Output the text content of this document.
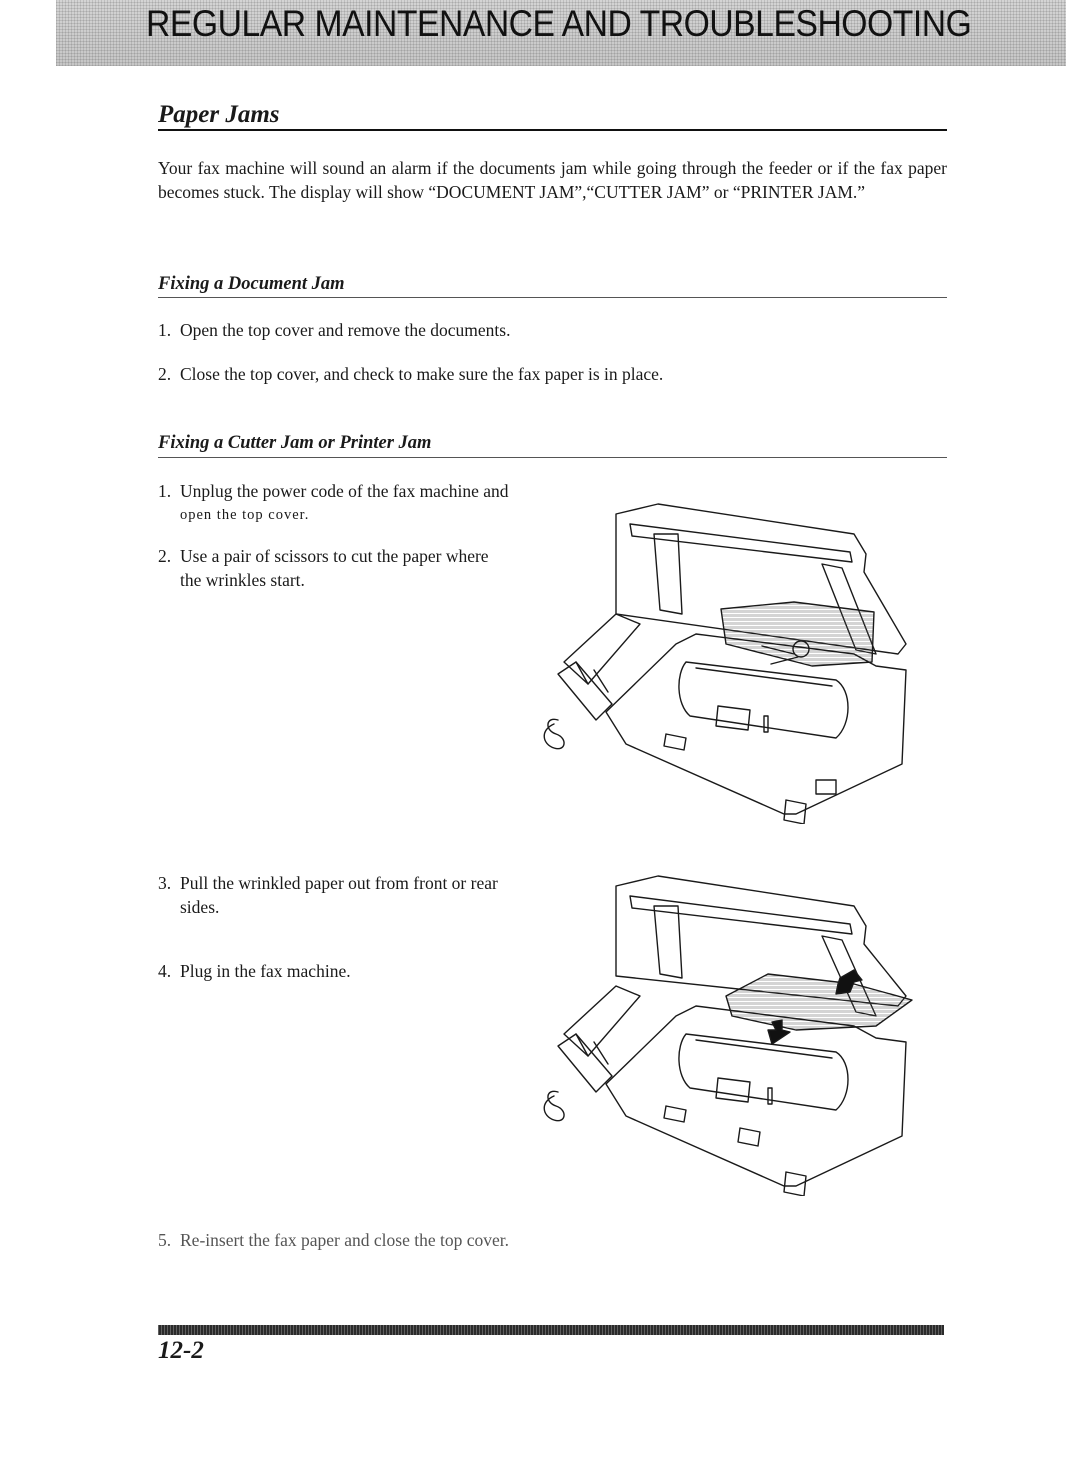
REGULAR MAINTENANCE AND TROUBLESHOOTING
Paper Jams

Your fax machine will sound an alarm if the documents jam while going through the feeder or if the fax paper becomes stuck. The display will show “DOCUMENT JAM”,“CUTTER JAM” or “PRINTER JAM.”

Fixing a Document Jam

1. Open the top cover and remove the documents.

2. Close the top cover, and check to make sure the fax paper is in place.

Fixing a Cutter Jam or Printer Jam

1. Unplug the power code of the fax machine and
open the top cover.

2. Use a pair of scissors to cut the paper where
the wrinkles start.

3. Pull the wrinkled paper out from front or rear
sides.

4. Plug in the fax machine.

5. Re-insert the fax paper and close the top cover.

12-2
